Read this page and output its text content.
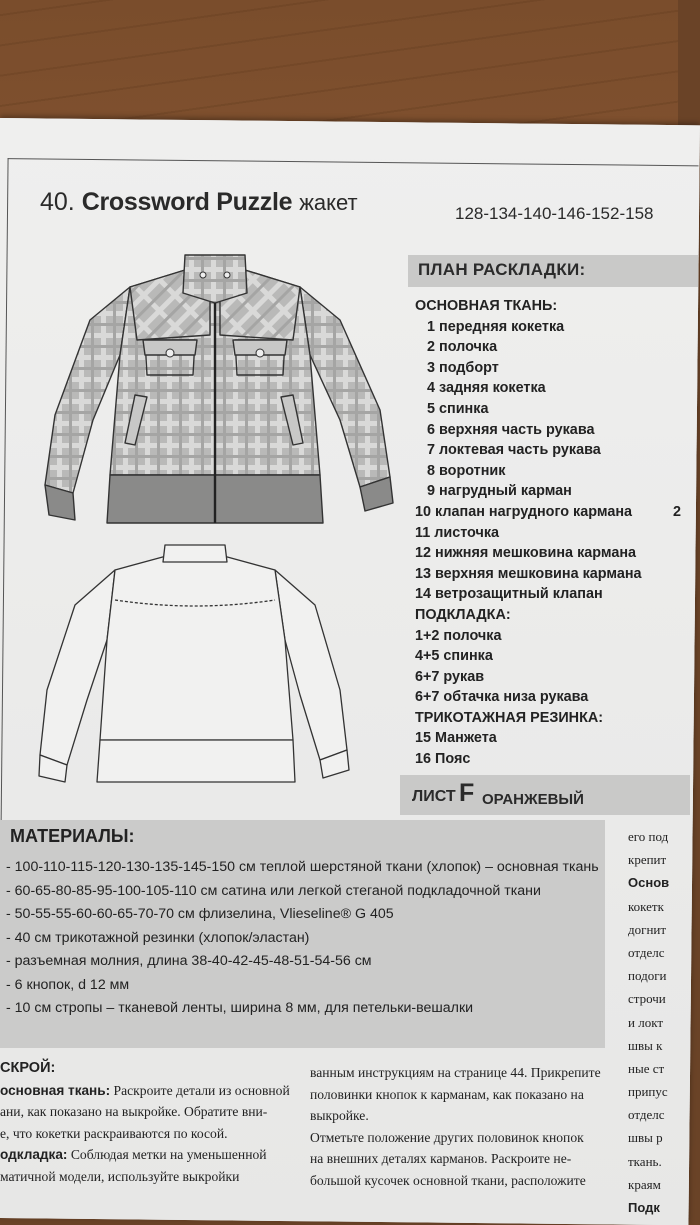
40. Crossword Puzzle жакет	128-134-140-146-152-158
ПЛАН РАСКЛАДКИ:
ОСНОВНАЯ ТКАНЬ:
1 передняя кокетка
2 полочка
3 подборт
4 задняя кокетка
5 спинка
6 верхняя часть рукава
7 локтевая часть рукава
8 воротник
9 нагрудный карман
10 клапан нагрудного кармана	2
11 листочка
12 нижняя мешковина кармана
13 верхняя мешковина кармана
14 ветрозащитный клапан
ПОДКЛАДКА:
1+2 полочка
4+5 спинка
6+7 рукав
6+7 обтачка низа рукава
ТРИКОТАЖНАЯ РЕЗИНКА:
15 Манжета
16 Пояс
ЛИСТ F ОРАНЖЕВЫЙ
МАТЕРИАЛЫ:
- 100-110-115-120-130-135-145-150 см теплой шерстяной ткани (хлопок) – основная ткань
- 60-65-80-85-95-100-105-110 см сатина или легкой стеганой подкладочной ткани
- 50-55-55-60-60-65-70-70 см флизелина, Vlieseline® G 405
- 40 см трикотажной резинки (хлопок/эластан)
- разъемная молния, длина 38-40-42-45-48-51-54-56 см
- 6 кнопок, d 12 мм
- 10 см стропы – тканевой ленты, ширина 8 мм, для петельки-вешалки
СКРОЙ:
основная ткань: Раскроите детали из основной
ани, как показано на выкройке. Обратите вни-
е, что кокетки раскраиваются по косой.
одкладка: Соблюдая метки на уменьшенной
матичной модели, используйте выкройки
ванным инструкциям на странице 44. Прикрепите
половинки кнопок к карманам, как показано на
выкройке.
Отметьте положение других половинок кнопок
на внешних деталях карманов. Раскроите не-
большой кусочек основной ткани, расположите
его под
крепит
Основ
кокетк
догнит
отделс
подоги
строчи
и локт
швы к
ные ст
припус
отделс
швы р
ткань.
краям
Подк
